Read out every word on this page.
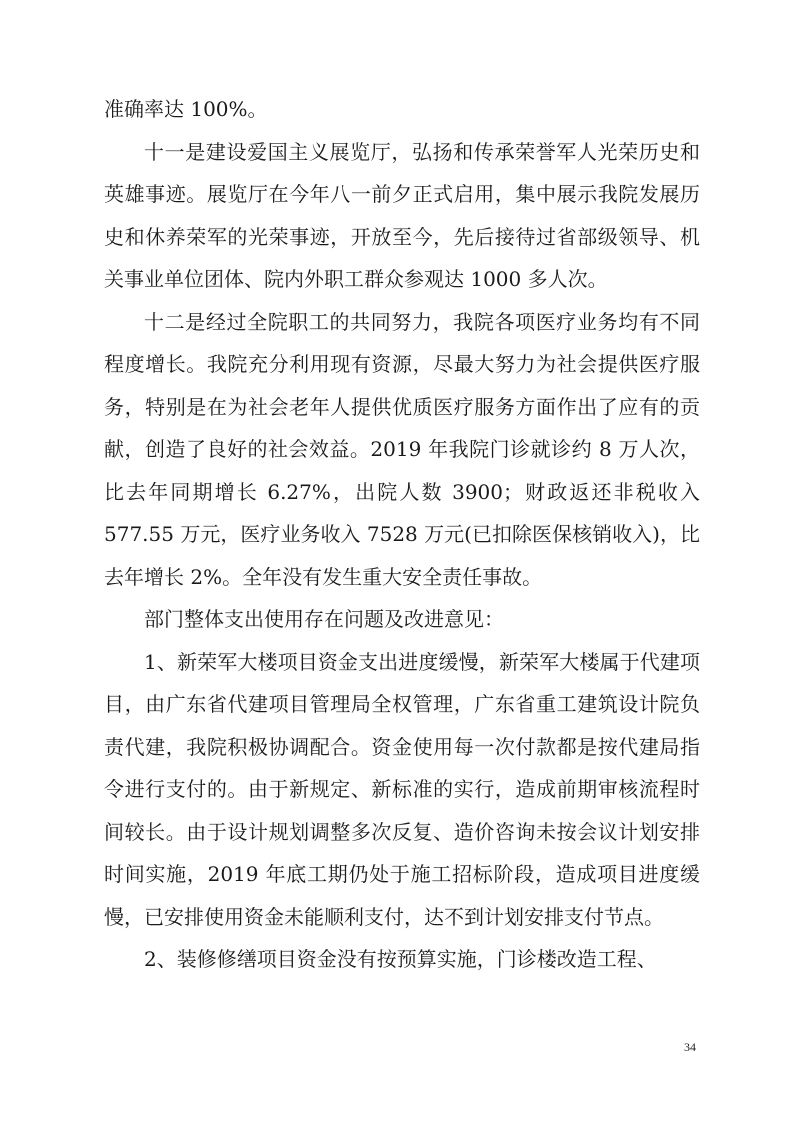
准确率达 100%。

十一是建设爱国主义展览厅，弘扬和传承荣誉军人光荣历史和英雄事迹。展览厅在今年八一前夕正式启用，集中展示我院发展历史和休养荣军的光荣事迹，开放至今，先后接待过省部级领导、机关事业单位团体、院内外职工群众参观达 1000 多人次。

十二是经过全院职工的共同努力，我院各项医疗业务均有不同程度增长。我院充分利用现有资源，尽最大努力为社会提供医疗服务，特别是在为社会老年人提供优质医疗服务方面作出了应有的贡献，创造了良好的社会效益。2019 年我院门诊就诊约 8 万人次，比去年同期增长 6.27%，出院人数 3900；财政返还非税收入 577.55 万元，医疗业务收入 7528 万元(已扣除医保核销收入)，比去年增长 2%。全年没有发生重大安全责任事故。

部门整体支出使用存在问题及改进意见：

1、新荣军大楼项目资金支出进度缓慢，新荣军大楼属于代建项目，由广东省代建项目管理局全权管理，广东省重工建筑设计院负责代建，我院积极协调配合。资金使用每一次付款都是按代建局指令进行支付的。由于新规定、新标准的实行，造成前期审核流程时间较长。由于设计规划调整多次反复、造价咨询未按会议计划安排时间实施，2019 年底工期仍处于施工招标阶段，造成项目进度缓慢，已安排使用资金未能顺利支付，达不到计划安排支付节点。

2、装修修缮项目资金没有按预算实施，门诊楼改造工程、

34
